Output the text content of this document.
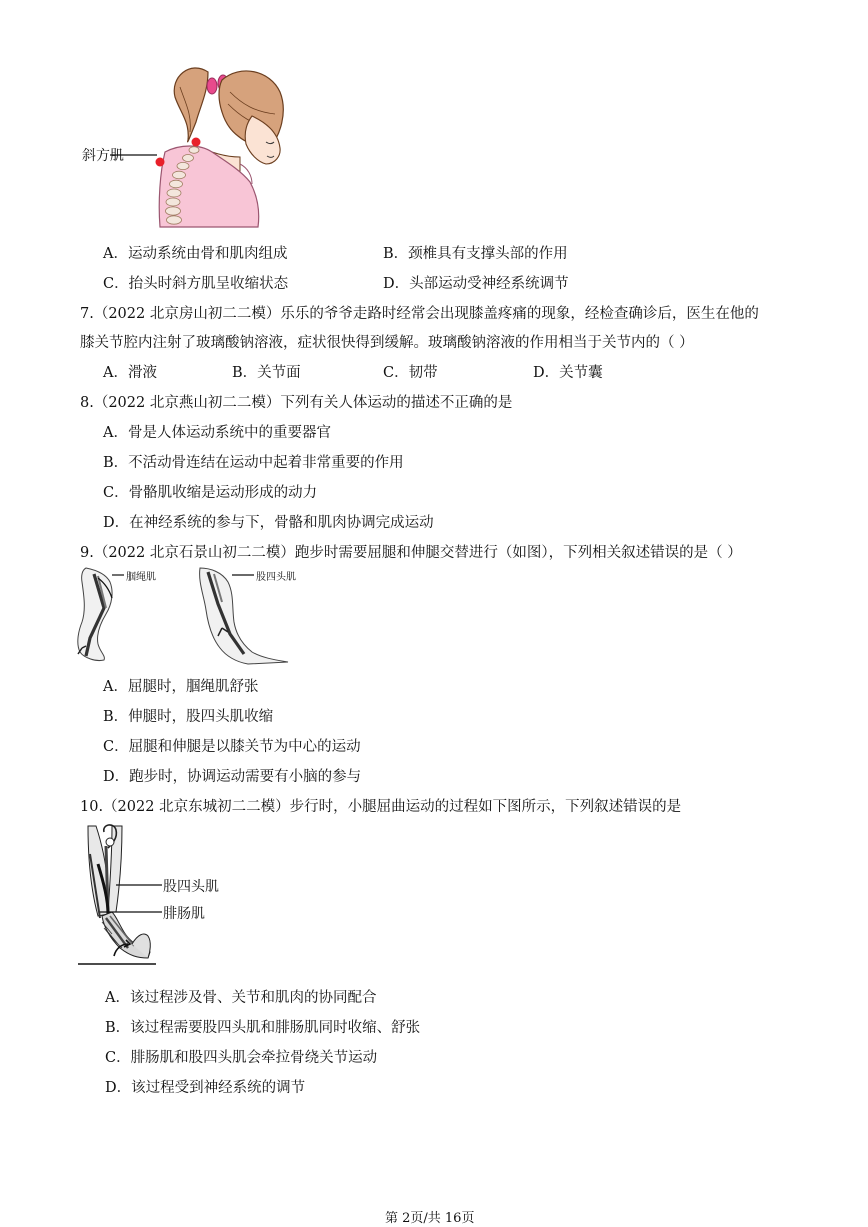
斜方肌
A．运动系统由骨和肌肉组成	B．颈椎具有支撑头部的作用
C．抬头时斜方肌呈收缩状态	D．头部运动受神经系统调节
7.（2022 北京房山初二二模）乐乐的爷爷走路时经常会出现膝盖疼痛的现象，经检查确诊后，医生在他的
膝关节腔内注射了玻璃酸钠溶液，症状很快得到缓解。玻璃酸钠溶液的作用相当于关节内的（ ）
A．滑液	B．关节面	C．韧带	D．关节囊
8.（2022 北京燕山初二二模）下列有关人体运动的描述不正确的是
A．骨是人体运动系统中的重要器官
B．不活动骨连结在运动中起着非常重要的作用
C．骨骼肌收缩是运动形成的动力
D．在神经系统的参与下，骨骼和肌肉协调完成运动
9.（2022 北京石景山初二二模）跑步时需要屈腿和伸腿交替进行（如图），下列相关叙述错误的是（ ）
腘绳肌	股四头肌
A．屈腿时，腘绳肌舒张
B．伸腿时，股四头肌收缩
C．屈腿和伸腿是以膝关节为中心的运动
D．跑步时，协调运动需要有小脑的参与
10.（2022 北京东城初二二模）步行时，小腿屈曲运动的过程如下图所示，下列叙述错误的是
股四头肌
腓肠肌
A．该过程涉及骨、关节和肌肉的协同配合
B．该过程需要股四头肌和腓肠肌同时收缩、舒张
C．腓肠肌和股四头肌会牵拉骨绕关节运动
D．该过程受到神经系统的调节
第 2页/共 16页
